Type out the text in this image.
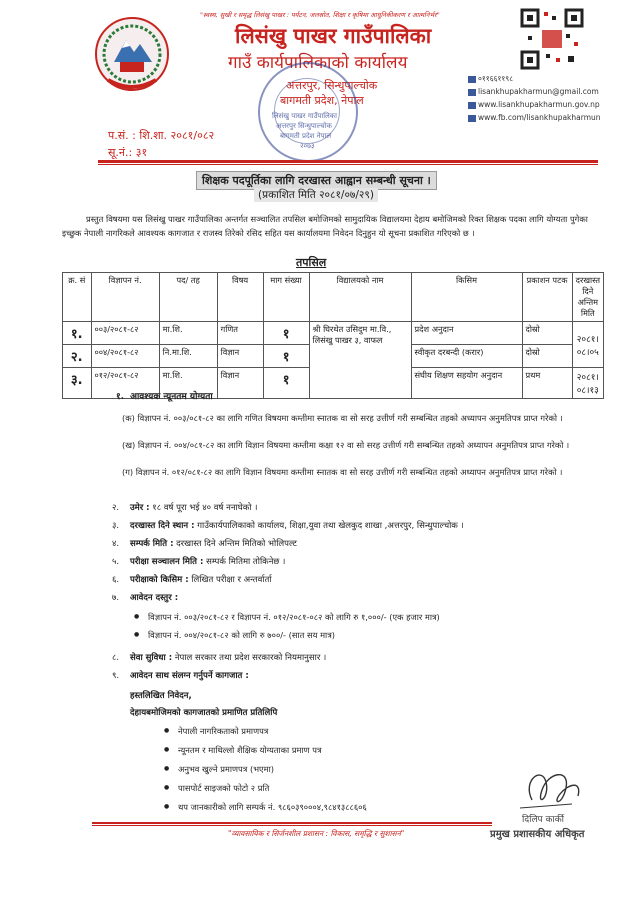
"स्वस्थ, सुखी र समृद्ध लिसंखु पाखर : पर्यटन, जलस्रोत, शिक्षा र कृषिमा आधुनिकीकरण र आत्मनिर्भर"
लिसंखु पाखर गाउँपालिका
गाउँ कार्यपालिकाको कार्यालय
अत्तरपुर, सिन्धुपाल्चोक
बागमती प्रदेश, नेपाल
०११६६११९८
lisankhupakharmun@gmail.com
www.lisankhupakharmun.gov.np
www.fb.com/lisankhupakharmun
लिसंखु पाखर गाउँपालिका
अत्तरपुर सिन्धुपाल्चोक
बागमती प्रदेश नेपाल
२०७३
प.सं. : शि.शा. २०८१/०८२
सू.नं.: ३१
शिक्षक पदपूर्तिका लागि दरखास्त आह्वान सम्बन्धी सूचना ।
(प्रकाशित मिति २०८१/०७/२९)
प्रस्तुत विषयमा यस लिसंखु पाखर गाउँपालिका अन्तर्गत सञ्चालित तपसिल बमोजिमको सामुदायिक विद्यालयमा देहाय बमोजिमको रिक्त शिक्षक पदका लागि योग्यता पुगेका इच्छुक नेपाली नागरिकले आवश्यक कागजात र राजस्व तिरेको रसिद सहित यस कार्यालयमा निवेदन दिनुहुन यो सूचना प्रकाशित गरिएको छ ।
तपसिल
क्र. सं	विज्ञापन नं.	पद/ तह	विषय	माग संख्या	विद्यालयको नाम	किसिम	प्रकाशन पटक	दरखास्त दिने अन्तिम मिति
१.	००३/२०८१-८२	मा.शि.	गणित	१	श्री घिरथेत उसिदुम मा.वि., लिसंखु पाखर ३, वाफल	प्रदेश अनुदान	दोस्रो	२०८१।०८।०५
२.	००४/२०८१-८२	नि.मा.शि.	विज्ञान	१		स्वीकृत दरबन्दी (करार)	दोस्रो	
३.	०१२/२०८१-८२	मा.शि.	विज्ञान	१		संघीय शिक्षण सहयोग अनुदान	प्रथम	२०८१।०८।१३
१. आवश्यक न्यूनतम योग्यता
(क) विज्ञापन नं. ००३/०८१-८२ का लागि गणित विषयमा कम्तीमा स्नातक वा सो सरह उत्तीर्ण गरी सम्बन्धित तहको अध्यापन अनुमतिपत्र प्राप्त गरेको ।
(ख) विज्ञापन नं. ००४/०८१-८२ का लागि विज्ञान विषयमा कम्तीमा कक्षा १२ वा सो सरह उत्तीर्ण गरी सम्बन्धित तहको अध्यापन अनुमतिपत्र प्राप्त गरेको ।
(ग) विज्ञापन नं. ०१२/०८१-८२ का लागि विज्ञान विषयमा कम्तीमा स्नातक वा सो सरह उत्तीर्ण गरी सम्बन्धित तहको अध्यापन अनुमतिपत्र प्राप्त गरेको ।
२. उमेर : १८ वर्ष पूरा भई ४० वर्ष ननाघेको ।
३. दरखास्त दिने स्थान : गाउँकार्यपालिकाको कार्यालय, शिक्षा,युवा तथा खेलकुद शाखा ,अत्तरपुर, सिन्धुपाल्चोक ।
४. सम्पर्क मिति : दरखास्त दिने अन्तिम मितिको भोलिपल्ट
५. परीक्षा सञ्चालन मिति : सम्पर्क मितिमा तोकिनेछ ।
६. परीक्षाको किसिम : लिखित परीक्षा र अन्तर्वार्ता
७. आवेदन दस्तुर :
● विज्ञापन नं. ००३/२०८१-८२ र विज्ञापन नं. ०१२/२०८१-०८२ को लागि रु १,०००/- (एक हजार मात्र)
● विज्ञापन नं. ००४/२०८१-८२ को लागि रु ७००/- (सात सय मात्र)
८. सेवा सुविधा : नेपाल सरकार तथा प्रदेश सरकारको नियमानुसार ।
९. आवेदन साथ संलग्न गर्नुपर्ने कागजात :
हस्तलिखित निवेदन,
देहायबमोजिमको कागजातको प्रमाणित प्रतिलिपि
● नेपाली नागरिकताको प्रमाणपत्र
● न्यूनतम र माथिल्लो शैक्षिक योग्यताका प्रमाण पत्र
● अनुभव खुल्ने प्रमाणपत्र (भएमा)
● पासपोर्ट साइजको फोटो २ प्रति
● थप जानकारीको लागि सम्पर्क नं. ९८६०३९०००४,९८४१३८८६०६
दिलिप कार्की
प्रमुख प्रशासकीय अधिकृत
"व्यावसायिक र सिर्जनशील प्रशासन : विकास, समृद्धि र सुशासन"
